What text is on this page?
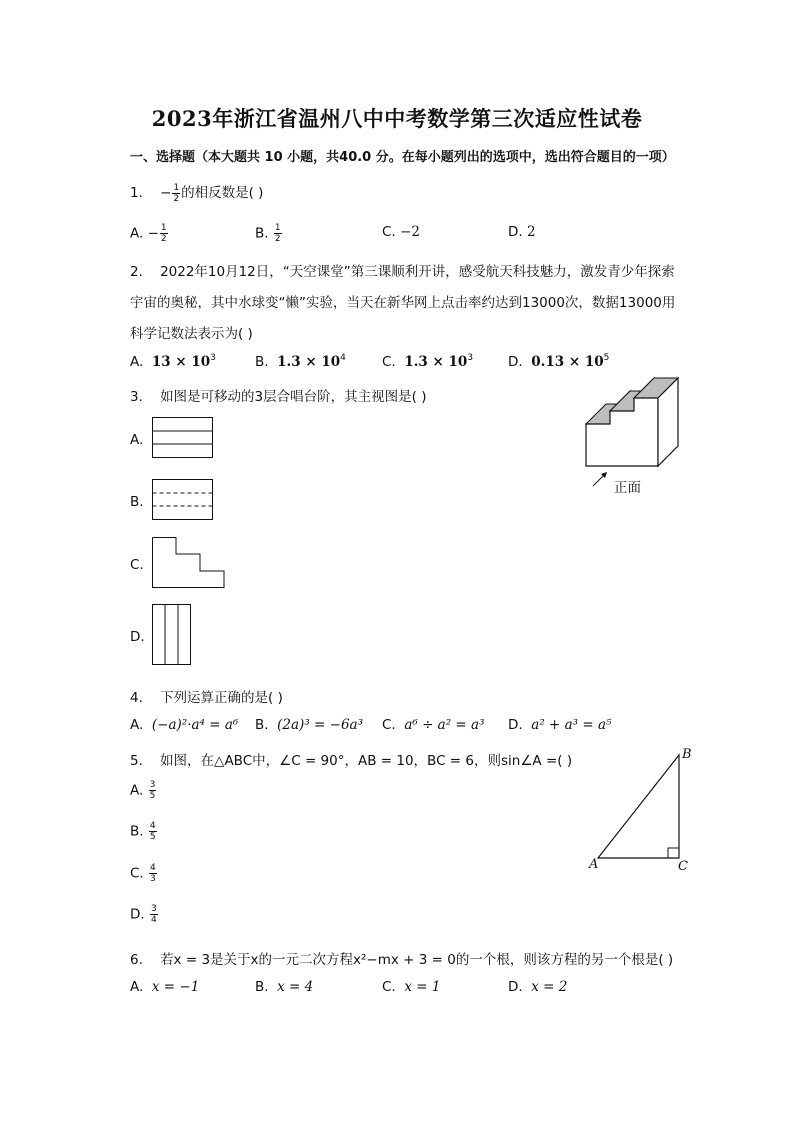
2023年浙江省温州八中中考数学第三次适应性试卷
一、选择题（本大题共 10 小题，共40.0 分。在每小题列出的选项中，选出符合题目的一项）
1. − $\frac{1}{2}$ 的相反数是( )
A. − $\frac{1}{2}$	B. $\frac{1}{2}$	C. −2	D. 2
2. 2022年10月12日，“天空课堂”第三课顺利开讲，感受航天科技魅力，激发青少年探索
宇宙的奥秘，其中水球变“懒”实验，当天在新华网上点击率约达到13000次，数据13000用
科学记数法表示为( )
A. $13 \times 10^3$	B. $1.3 \times 10^4$	C. $1.3 \times 10^3$	D. $0.13 \times 10^5$
3. 如图是可移动的3层合唱台阶，其主视图是( )
A.
B.
C.
D.
正面
4. 下列运算正确的是( )
A. (−a)²·a⁴ = a⁶ B. (2a)³ = −6a³ C. a⁶ ÷ a² = a³ D. a² + a³ = a⁵
5. 如图，在△ABC中，∠C = 90°，AB = 10，BC = 6，则sin∠A =( )
A. $\frac{3}{5}$
B. $\frac{4}{5}$
C. $\frac{4}{3}$
D. $\frac{3}{4}$
B
A	C
6. 若x = 3是关于x的一元二次方程x²−mx + 3 = 0的一个根，则该方程的另一个根是( )
A. x = −1	B. x = 4	C. x = 1	D. x = 2
